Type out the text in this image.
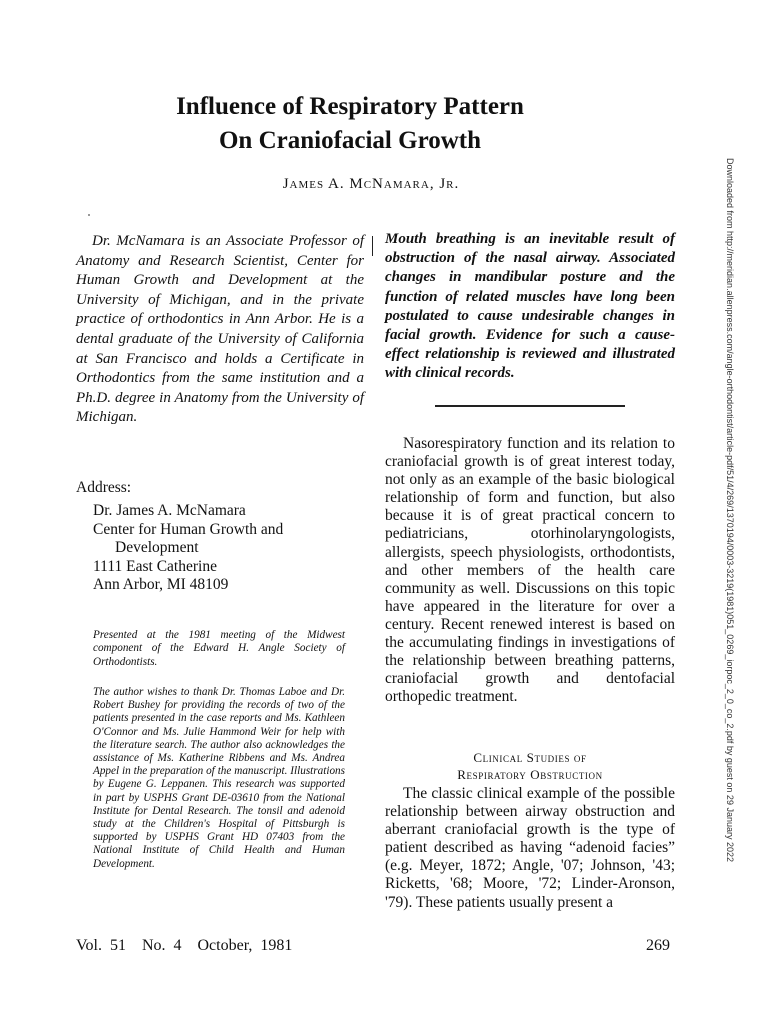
Influence of Respiratory Pattern
On Craniofacial Growth
James A. McNamara, Jr.
Dr. McNamara is an Associate Professor of Anatomy and Research Scientist, Center for Human Growth and Development at the University of Michigan, and in the private practice of orthodontics in Ann Arbor. He is a dental graduate of the University of California at San Francisco and holds a Certificate in Orthodontics from the same institution and a Ph.D. degree in Anatomy from the University of Michigan.
Address:
Dr. James A. McNamara
Center for Human Growth and
Development
1111 East Catherine
Ann Arbor, MI 48109
Presented at the 1981 meeting of the Midwest component of the Edward H. Angle Society of Orthodontists.
The author wishes to thank Dr. Thomas Laboe and Dr. Robert Bushey for providing the records of two of the patients presented in the case reports and Ms. Kathleen O'Connor and Ms. Julie Hammond Weir for help with the literature search. The author also acknowledges the assistance of Ms. Katherine Ribbens and Ms. Andrea Appel in the preparation of the manuscript. Illustrations by Eugene G. Leppanen. This research was supported in part by USPHS Grant DE-03610 from the National Institute for Dental Research. The tonsil and adenoid study at the Children's Hospital of Pittsburgh is supported by USPHS Grant HD 07403 from the National Institute of Child Health and Human Development.
Mouth breathing is an inevitable result of obstruction of the nasal airway. Associated changes in mandibular posture and the function of related muscles have long been postulated to cause undesirable changes in facial growth. Evidence for such a cause-effect relationship is reviewed and illustrated with clinical records.

Nasorespiratory function and its relation to craniofacial growth is of great interest today, not only as an example of the basic biological relationship of form and function, but also because it is of great practical concern to pediatricians, otorhinolaryngologists, allergists, speech physiologists, orthodontists, and other members of the health care community as well. Discussions on this topic have appeared in the literature for over a century. Recent renewed interest is based on the accumulating findings in investigations of the relationship between breathing patterns, craniofacial growth and dentofacial orthopedic treatment.

Clinical Studies of
Respiratory Obstruction

The classic clinical example of the possible relationship between airway obstruction and aberrant craniofacial growth is the type of patient described as having “adenoid facies” (e.g. Meyer, 1872; Angle, '07; Johnson, '43; Ricketts, '68; Moore, '72; Linder-Aronson, '79). These patients usually present a

Vol. 51  No. 4  October, 1981	269
Downloaded from http://meridian.allenpress.com/angle-orthodontist/article-pdf/51/4/269/1370194/0003-3219(1981)051_0269_iorpoc_2_0_co_2.pdf by guest on 29 January 2022
